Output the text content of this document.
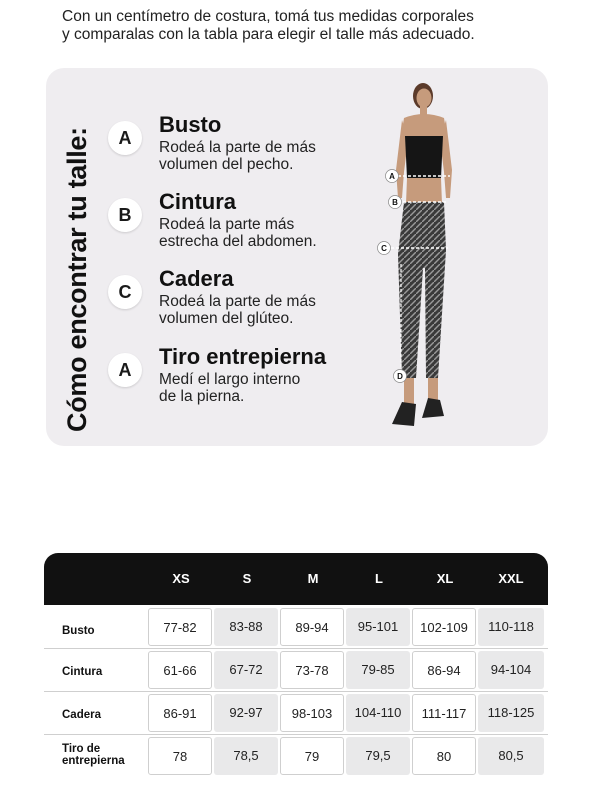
Con un centímetro de costura, tomá tus medidas corporales
y comparalas con la tabla para elegir el talle más adecuado.
Cómo encontrar tu talle:	A
Busto
Rodeá la parte de más
volumen del pecho.
B
Cintura
Rodeá la parte más
estrecha del abdomen.
C
Cadera
Rodeá la parte de más
volumen del glúteo.
A
Tiro entrepierna
Medí el largo interno
de la pierna.
A
B
C
D
XS	S	M	L	XL	XXL
Busto	77-82	83-88	89-94	95-101	102-109	110-118
Cintura	61-66	67-72	73-78	79-85	86-94	94-104
Cadera	86-91	92-97	98-103	104-110	111-117	118-125
Tiro de
entrepierna	78	78,5	79	79,5	80	80,5
